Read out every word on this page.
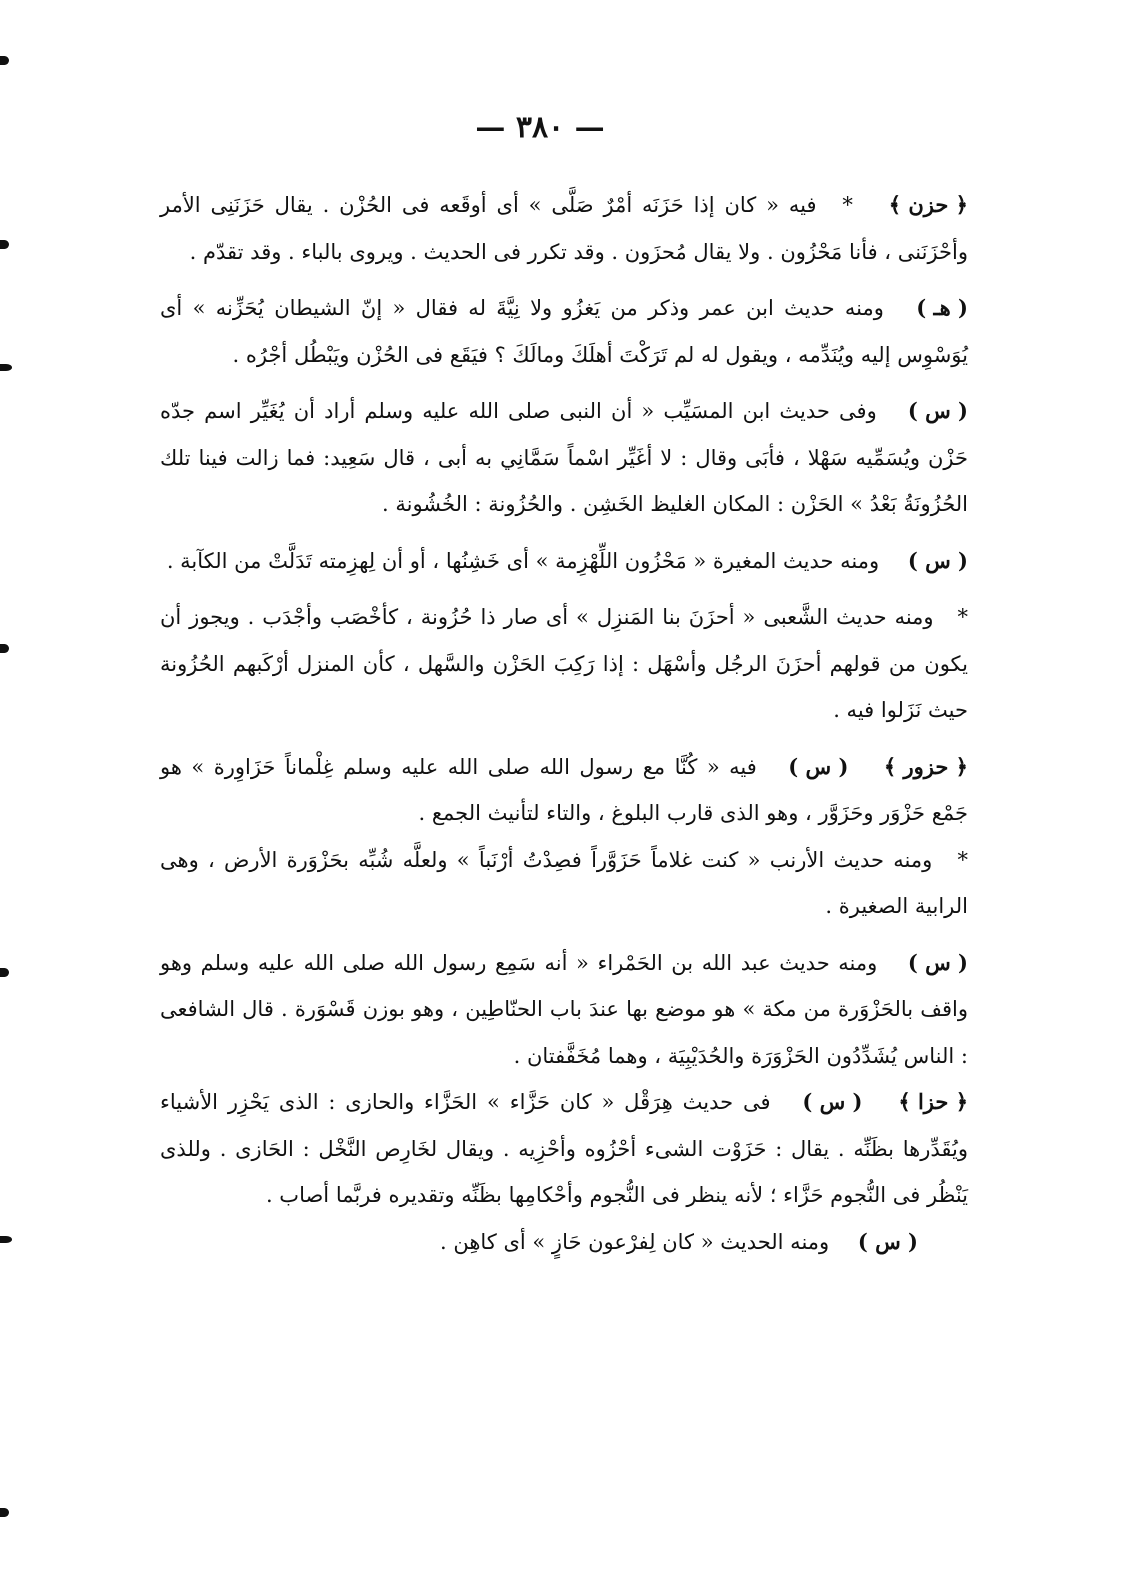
— ٣٨٠ —

﴿ حزن ﴾ * فيه « كان إذا حَزَنَه أمْرٌ صَلَّى » أى أوقَعه فى الحُزْن . يقال حَزَنَنِى الأمر وأحْزَنَنى ، فأنا مَحْزُون . ولا يقال مُحزَون . وقد تكرر فى الحديث . ويروى بالباء . وقد تقدّم .

( هـ ) ومنه حديث ابن عمر وذكر من يَغزُو ولا نِيَّةَ له فقال « إنّ الشيطان يُحَزِّنه » أى يُوَسْوِس إليه ويُنَدِّمه ، ويقول له لم تَرَكْتَ أهلَكَ ومالَكَ ؟ فيَقَع فى الحُزْن ويَبْطُل أجْرُه .

( س ) وفى حديث ابن المسَيِّب « أن النبى صلى الله عليه وسلم أراد أن يُغَيِّر اسم جدّه حَزْن ويُسَمِّيه سَهْلا ، فأبَى وقال : لا أغَيِّر اسْماً سَمَّانِي به أبى ، قال سَعِيد: فما زالت فينا تلك الحُزُونَةُ بَعْدُ » الحَزْن : المكان الغليظ الخَشِن . والحُزُونة : الخُشُونة .

( س ) ومنه حديث المغيرة « مَحْزُون اللِّهْزِمة » أى خَشِنُها ، أو أن لِهزِمته تَدَلَّتْ من الكآبة .

* ومنه حديث الشَّعبى « أحزَنَ بنا المَنزِل » أى صار ذا حُزُونة ، كأخْصَب وأجْدَب . ويجوز أن يكون من قولهم أحزَنَ الرجُل وأسْهَل : إذا رَكِبَ الحَزْن والسَّهل ، كأن المنزل أرْكَبهم الحُزُونة حيث نَزَلوا فيه .

﴿ حزور ﴾ ( س ) فيه « كُنَّا مع رسول الله صلى الله عليه وسلم غِلْماناً حَزَاوِرة » هو جَمْع حَزْوَر وحَزَوَّر ، وهو الذى قارب البلوغ ، والتاء لتأنيث الجمع .

* ومنه حديث الأرنب « كنت غلاماً حَزَوَّراً فصِدْتُ أرْنَباً » ولعلَّه شُبِّه بحَزْوَرة الأرض ، وهى الرابية الصغيرة .

( س ) ومنه حديث عبد الله بن الحَمْراء « أنه سَمِع رسول الله صلى الله عليه وسلم وهو واقف بالحَزْوَرة من مكة » هو موضع بها عندَ باب الحنّاطِين ، وهو بوزن قَسْوَرة . قال الشافعى : الناس يُشَدِّدُون الحَزْوَرَة والحُدَيْبِيَة ، وهما مُخَفَّفتان .

﴿ حزا ﴾ ( س ) فى حديث هِرَقْل « كان حَزَّاء » الحَزَّاء والحازى : الذى يَحْزِر الأشياء ويُقَدِّرها بظَنِّه . يقال : حَزَوْت الشىء أحْزُوه وأحْزِيه . ويقال لخَارِص النَّخْل : الحَازى . وللذى يَنْظُر فى النُّجوم حَزَّاء ؛ لأنه ينظر فى النُّجوم وأحْكامِها بظَنِّه وتقديره فربَّما أصاب .

( س ) ومنه الحديث « كان لِفرْعون حَازٍ » أى كاهِن .
